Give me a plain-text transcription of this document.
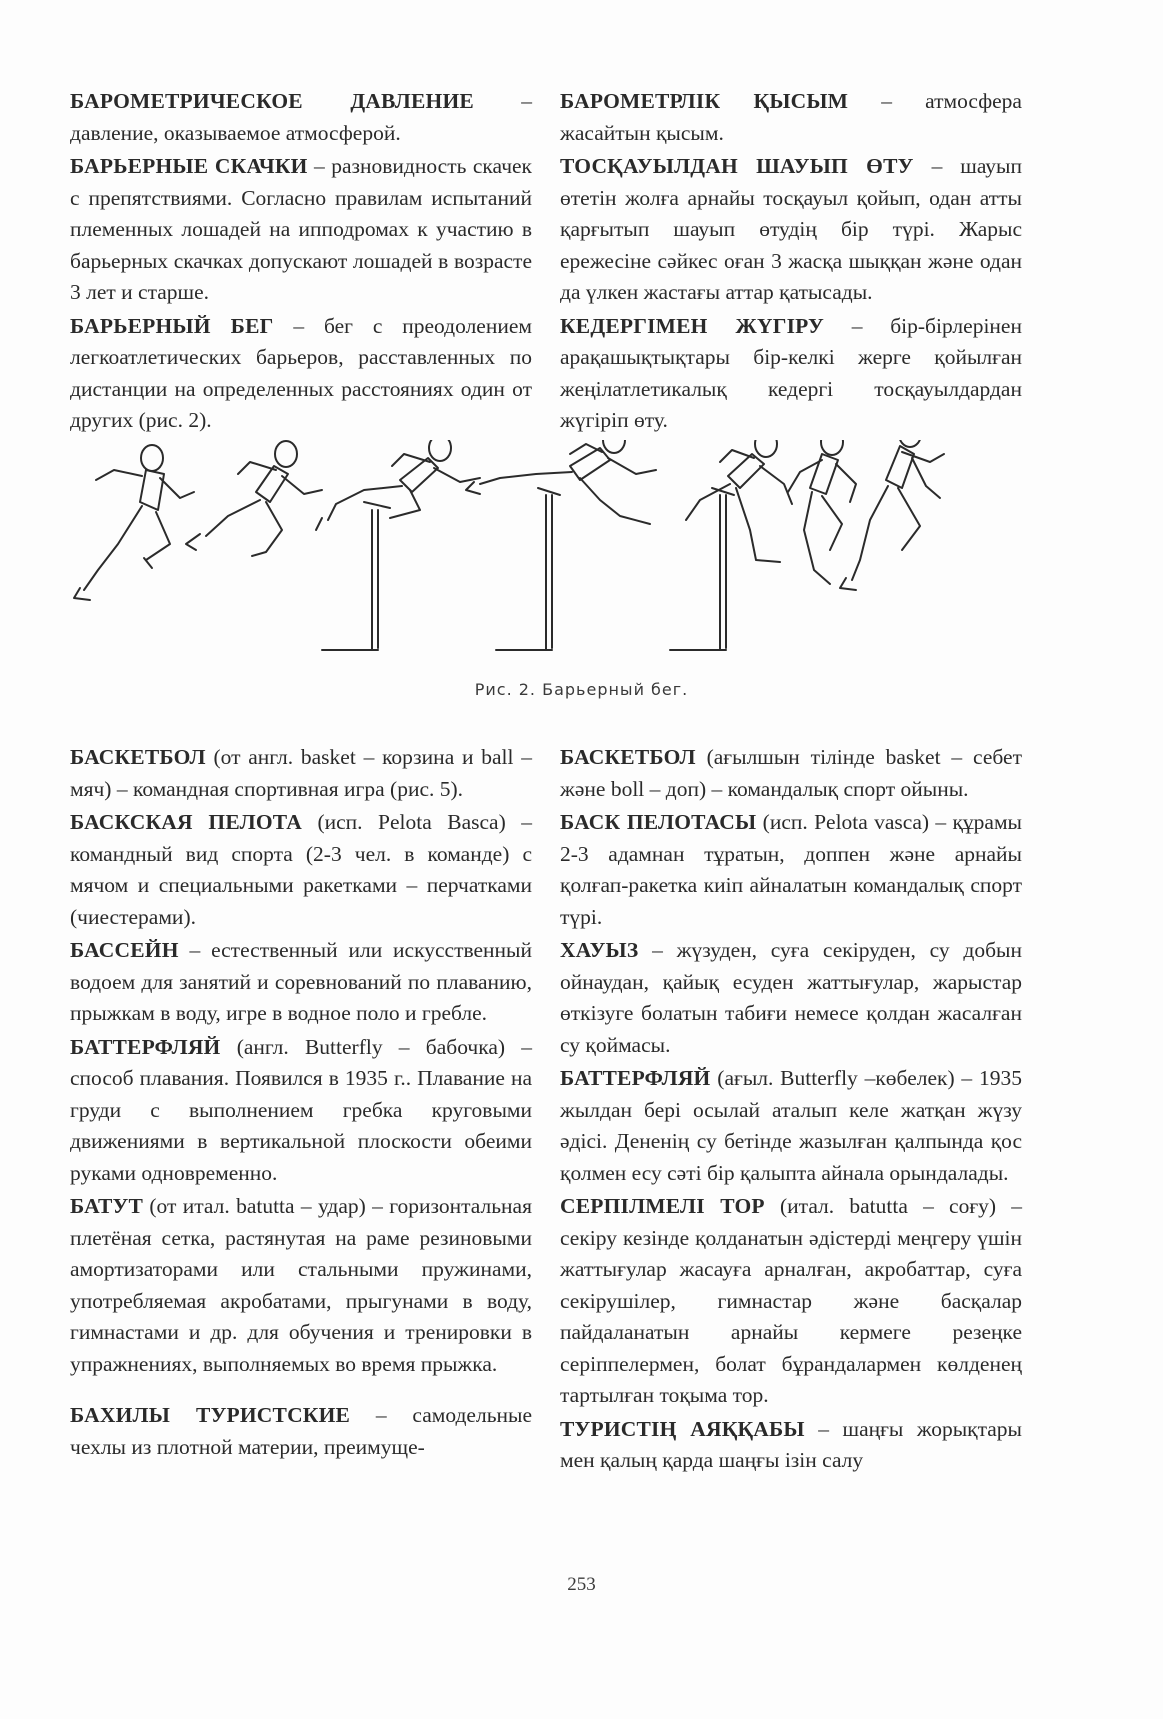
БАРОМЕТРИЧЕСКОЕ ДАВЛЕНИЕ – давление, оказываемое атмосферой.

БАРЬЕРНЫЕ СКАЧКИ – разновидность скачек с препятствиями. Согласно правилам испытаний племенных лошадей на ипподромах к участию в барьерных скачках допускают лошадей в возрасте 3 лет и старше.

БАРЬЕРНЫЙ БЕГ – бег с преодолением легкоатлетических барьеров, расставленных по дистанции на определенных расстояниях один от других (рис. 2).

БАРОМЕТРЛІК ҚЫСЫМ – атмосфера жасайтын қысым.

ТОСҚАУЫЛДАН ШАУЫП ӨТУ – шауып өтетін жолға арнайы тосқауыл қойып, одан атты қарғытып шауып өтудің бір түрі. Жарыс ережесіне сәйкес оған 3 жасқа шыққан және одан да үлкен жастағы аттар қатысады.

КЕДЕРГІМЕН ЖҮГІРУ – бір-бірлерінен арақашықтықтары бір-келкі жерге қойылған жеңілатлетикалық кедергі тосқауылдардан жүгіріп өту.

Рис. 2. Барьерный бег.

БАСКЕТБОЛ (от англ. basket – корзина и ball – мяч) – командная спортивная игра (рис. 5).

БАСКСКАЯ ПЕЛОТА (исп. Pelota Basca) – командный вид спорта (2-3 чел. в команде) с мячом и специальными ракетками – перчатками (чиестерами).

БАССЕЙН – естественный или искусственный водоем для занятий и соревнований по плаванию, прыжкам в воду, игре в водное поло и гребле.

БАТТЕРФЛЯЙ (англ. Butterfly – бабочка) – способ плавания. Появился в 1935 г.. Плавание на груди с выполнением гребка круговыми движениями в вертикальной плоскости обеими руками одновременно.

БАТУТ (от итал. batutta – удар) – горизонтальная плетёная сетка, растянутая на раме резиновыми амортизаторами или стальными пружинами, употребляемая акробатами, прыгунами в воду, гимнастами и др. для обучения и тренировки в упражнениях, выполняемых во время прыжка.

БАХИЛЫ ТУРИСТСКИЕ – самодельные чехлы из плотной материи, преимуще-

БАСКЕТБОЛ (ағылшын тілінде basket – себет және boll – доп) – командалық спорт ойыны.

БАСК ПЕЛОТАСЫ (исп. Pelota vasca) – құрамы 2-3 адамнан тұратын, доппен және арнайы қолғап-ракетка киіп айналатын командалық спорт түрі.

ХАУЫЗ – жүзуден, суға секіруден, су добын ойнаудан, қайық есуден жаттығулар, жарыстар өткізуге болатын табиғи немесе қолдан жасалған су қоймасы.

БАТТЕРФЛЯЙ (ағыл. Butterfly –көбелек) – 1935 жылдан бері осылай аталып келе жатқан жүзу әдісі. Дененің су бетінде жазылған қалпында қос қолмен есу сәті бір қалыпта айнала орындалады.

СЕРПІЛМЕЛІ ТОР (итал. batutta – соғу) – секіру кезінде қолданатын әдістерді меңгеру үшін жаттығулар жасауға арналған, акробаттар, суға секірушілер, гимнастар және басқалар пайдаланатын арнайы кермеге резеңке серіппелермен, болат бұрандалармен көлденең тартылған тоқыма тор.

ТУРИСТІҢ АЯҚҚАБЫ – шаңғы жорықтары мен қалың қарда шаңғы ізін салу

253
